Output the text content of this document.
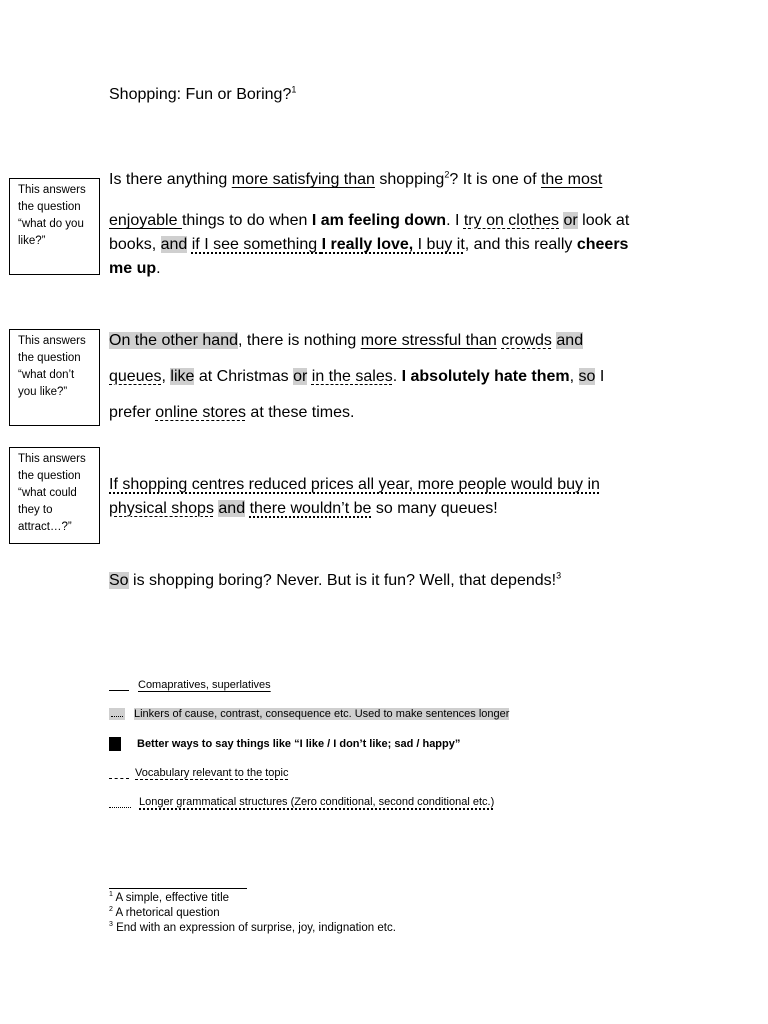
Shopping: Fun or Boring?$^1$
This answers the question “what do you like?”
This answers the question “what don’t you like?”
This answers the question “what could they to attract…?”
Is there anything more satisfying than shopping$^2$? It is one of the most
enjoyable things to do when I am feeling down. I try on clothes or look at
books, and if I see something I really love, I buy it, and this really cheers
me up.
On the other hand, there is nothing more stressful than crowds and
queues, like at Christmas or in the sales. I absolutely hate them, so I
prefer online stores at these times.
If shopping centres reduced prices all year, more people would buy in
physical shops and there wouldn’t be so many queues!
So is shopping boring? Never. But is it fun? Well, that depends!$^3$
Comapratives, superlatives
Linkers of cause, contrast, consequence etc. Used to make sentences longer
Better ways to say things like “I like / I don’t like; sad / happy”
Vocabulary relevant to the topic
Longer grammatical structures (Zero conditional, second conditional etc.)
$^1$ A simple, effective title
$^2$ A rhetorical question
$^3$ End with an expression of surprise, joy, indignation etc.
